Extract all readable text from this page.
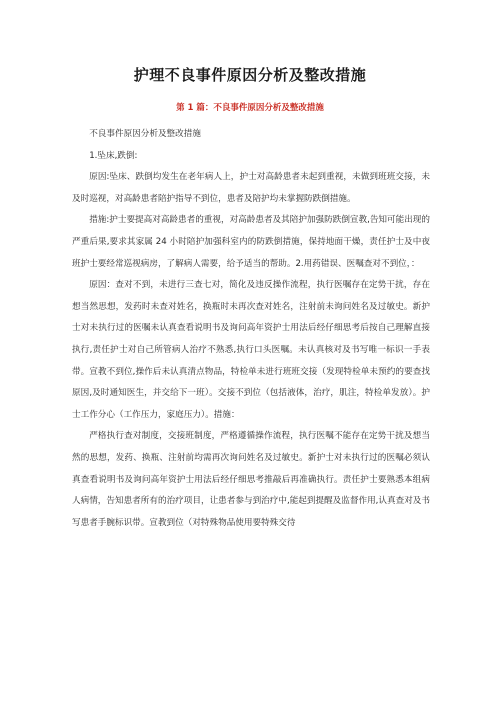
护理不良事件原因分析及整改措施
第 1 篇：不良事件原因分析及整改措施

不良事件原因分析及整改措施

1.坠床,跌倒:

原因:坠床、跌倒均发生在老年病人上，护士对高龄患者未起到重视，未做到班班交接，未及时巡视，对高龄患者陪护指导不到位，患者及陪护均未掌握防跌倒措施。

措施:护士要提高对高龄患者的重视，对高龄患者及其陪护加强防跌倒宣教,告知可能出现的严重后果,要求其家属 24 小时陪护加强科室内的防跌倒措施，保持地面干燥，责任护士及中夜班护士要经常巡视病房，了解病人需要，给予适当的帮助。2.用药错误、医嘱查对不到位，：

原因：查对不到，未进行三查七对，简化及违反操作流程，执行医嘱存在定势干扰，存在想当然思想，发药时未查对姓名，换瓶时未再次查对姓名，注射前未询问姓名及过敏史。新护士对未执行过的医嘱未认真查看说明书及询问高年资护士用法后经仔细思考后按自己理解直接执行,责任护士对自己所管病人治疗不熟悉,执行口头医嘱。未认真核对及书写唯一标识一手表带。宣教不到位,操作后未认真清点物品，特检单未进行班班交接（发现特检单未预约的要查找原因,及时通知医生，并交给下一班）。交接不到位（包括液体，治疗，肌注，特检单发放）。护士工作分心（工作压力，家庭压力）。措施：

严格执行查对制度，交接班制度，严格遵循操作流程，执行医嘱不能存在定势干扰及想当然的思想，发药、换瓶、注射前均需再次询问姓名及过敏史。新护士对未执行过的医嘱必须认真查看说明书及询问高年资护士用法后经仔细思考推敲后再准确执行。责任护士要熟悉本组病人病情，告知患者所有的治疗项目，让患者参与到治疗中,能起到提醒及监督作用,认真查对及书写患者手腕标识带。宣教到位（对特殊物品使用要特殊交待
